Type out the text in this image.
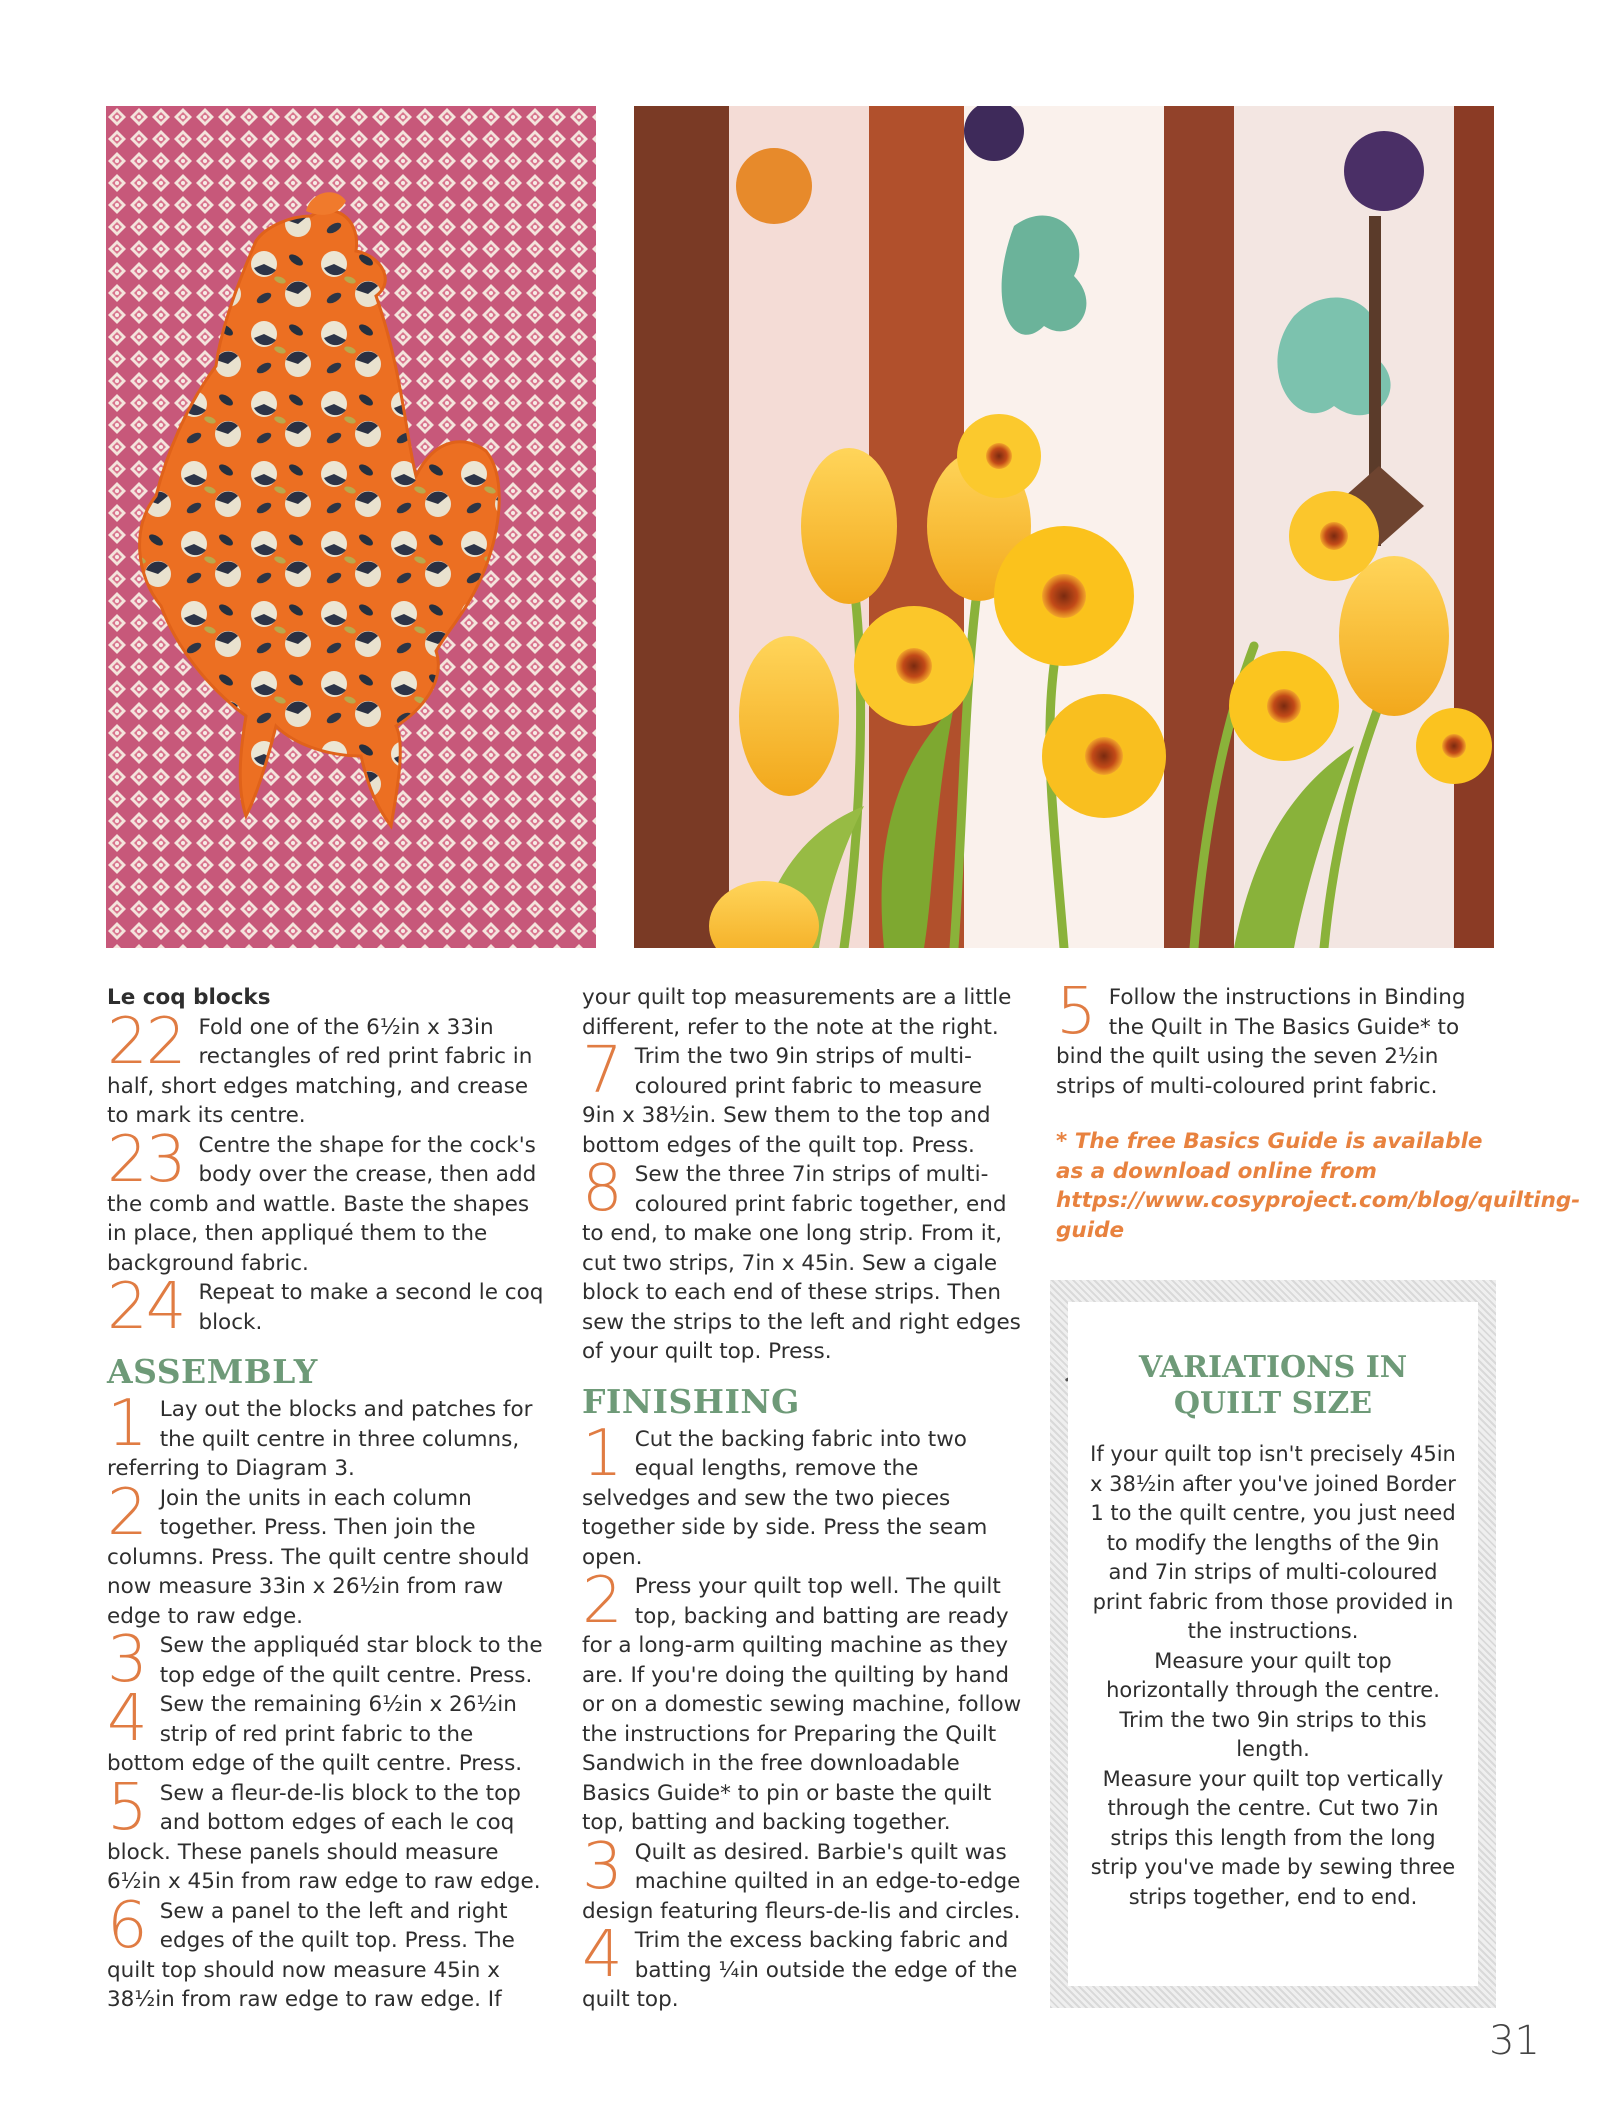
Le coq blocks

22 Fold one of the 6½in x 33in rectangles of red print fabric in half, short edges matching, and crease to mark its centre.

23 Centre the shape for the cock's body over the crease, then add the comb and wattle. Baste the shapes in place, then appliqué them to the background fabric.

24 Repeat to make a second le coq block.

ASSEMBLY

1 Lay out the blocks and patches for the quilt centre in three columns, referring to Diagram 3.

2 Join the units in each column together. Press. Then join the columns. Press. The quilt centre should now measure 33in x 26½in from raw edge to raw edge.

3 Sew the appliquéd star block to the top edge of the quilt centre. Press.

4 Sew the remaining 6½in x 26½in strip of red print fabric to the bottom edge of the quilt centre. Press.

5 Sew a fleur-de-lis block to the top and bottom edges of each le coq block. These panels should measure 6½in x 45in from raw edge to raw edge.

6 Sew a panel to the left and right edges of the quilt top. Press. The quilt top should now measure 45in x 38½in from raw edge to raw edge. If

your quilt top measurements are a little different, refer to the note at the right.

7 Trim the two 9in strips of multi-coloured print fabric to measure 9in x 38½in. Sew them to the top and bottom edges of the quilt top. Press.

8 Sew the three 7in strips of multi-coloured print fabric together, end to end, to make one long strip. From it, cut two strips, 7in x 45in. Sew a cigale block to each end of these strips. Then sew the strips to the left and right edges of your quilt top. Press.

FINISHING

1 Cut the backing fabric into two equal lengths, remove the selvedges and sew the two pieces together side by side. Press the seam open.

2 Press your quilt top well. The quilt top, backing and batting are ready for a long-arm quilting machine as they are. If you're doing the quilting by hand or on a domestic sewing machine, follow the instructions for Preparing the Quilt Sandwich in the free downloadable Basics Guide* to pin or baste the quilt top, batting and backing together.

3 Quilt as desired. Barbie's quilt was machine quilted in an edge-to-edge design featuring fleurs-de-lis and circles.

4 Trim the excess backing fabric and batting ¼in outside the edge of the quilt top.

5 Follow the instructions in Binding the Quilt in The Basics Guide* to bind the quilt using the seven 2½in strips of multi-coloured print fabric.

* The free Basics Guide is available as a download online from https://www.cosyproject.com/blog/quilting-guide

VARIATIONS IN QUILT SIZE

If your quilt top isn't precisely 45in x 38½in after you've joined Border 1 to the quilt centre, you just need to modify the lengths of the 9in and 7in strips of multi-coloured print fabric from those provided in the instructions.

Measure your quilt top horizontally through the centre. Trim the two 9in strips to this length.

Measure your quilt top vertically through the centre. Cut two 7in strips this length from the long strip you've made by sewing three strips together, end to end.

31
